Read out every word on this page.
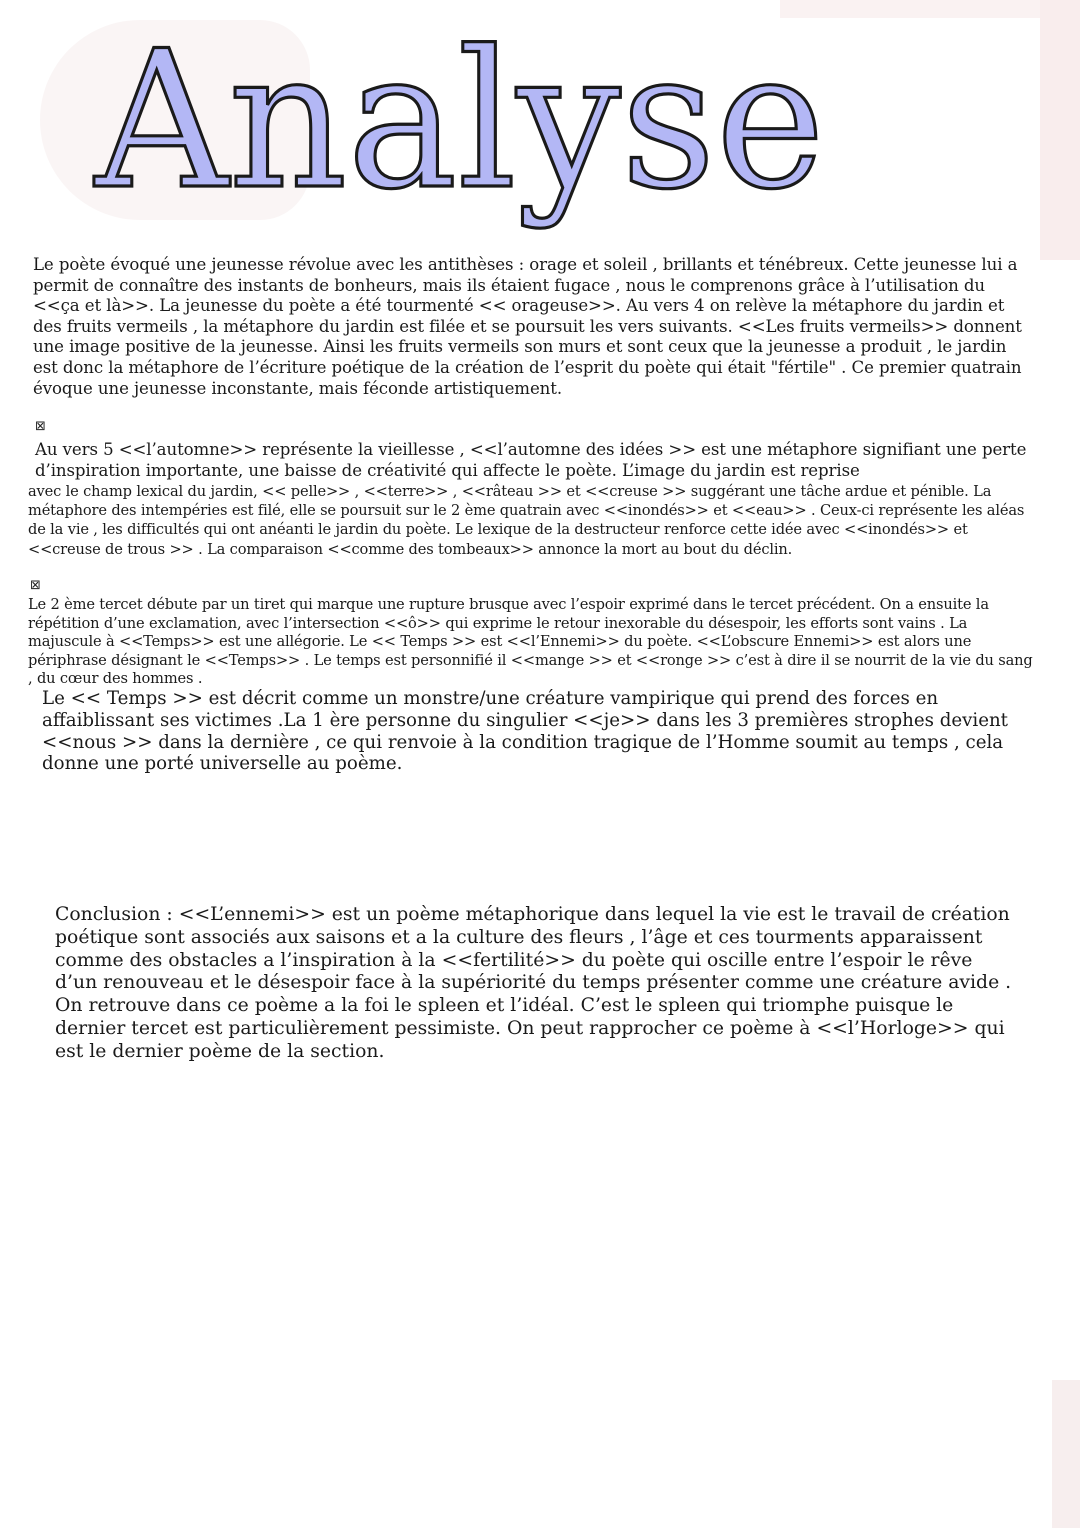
Analyse

Le poète évoqué une jeunesse révolue avec les antithèses : orage et soleil , brillants et ténébreux. Cette jeunesse lui a permit de connaître des instants de bonheurs, mais ils étaient fugace , nous le comprenons grâce à l’utilisation du <<ça et là>>. La jeunesse du poète a été tourmenté << orageuse>>. Au vers 4 on relève la métaphore du jardin et des fruits vermeils , la métaphore du jardin est filée et se poursuit les vers suivants. <<Les fruits vermeils>> donnent une image positive de la jeunesse. Ainsi les fruits vermeils son murs et sont ceux que la jeunesse a produit , le jardin est donc la métaphore de l’écriture poétique de la création de l’esprit du poète qui était "fértile" . Ce premier quatrain évoque une jeunesse inconstante, mais féconde artistiquement.

⊠

Au vers 5 <<l’automne>> représente la vieillesse , <<l’automne des idées >> est une métaphore signifiant une perte d’inspiration importante, une baisse de créativité qui affecte le poète. L’image du jardin est reprise

avec le champ lexical du jardin, << pelle>> , <<terre>> , <<râteau >> et <<creuse >> suggérant une tâche ardue et pénible. La métaphore des intempéries est filé, elle se poursuit sur le 2 ème quatrain avec <<inondés>> et <<eau>> . Ceux-ci représente les aléas de la vie , les difficultés qui ont anéanti le jardin du poète. Le lexique de la destructeur renforce cette idée avec <<inondés>> et <<creuse de trous >> . La comparaison <<comme des tombeaux>> annonce la mort au bout du déclin.

⊠

Le 2 ème tercet débute par un tiret qui marque une rupture brusque avec l’espoir exprimé dans le tercet précédent. On a ensuite la répétition d’une exclamation, avec l’intersection <<ô>> qui exprime le retour inexorable du désespoir, les efforts sont vains . La majuscule à <<Temps>> est une allégorie. Le << Temps >> est <<l’Ennemi>> du poète. <<L’obscure Ennemi>> est alors une périphrase désignant le <<Temps>> . Le temps est personnifié il <<mange >> et <<ronge >> c’est à dire il se nourrit de la vie du sang , du cœur des hommes .

Le << Temps >> est décrit comme un monstre/une créature vampirique qui prend des forces en affaiblissant ses victimes .La 1 ère personne du singulier <<je>> dans les 3 premières strophes devient <<nous >> dans la dernière , ce qui renvoie à la condition tragique de l’Homme soumit au temps , cela donne une porté universelle au poème.

Conclusion : <<L’ennemi>> est un poème métaphorique dans lequel la vie est le travail de création poétique sont associés aux saisons et a la culture des fleurs , l’âge et ces tourments apparaissent comme des obstacles a l’inspiration à la <<fertilité>> du poète qui oscille entre l’espoir le rêve d’un renouveau et le désespoir face à la supériorité du temps présenter comme une créature avide . On retrouve dans ce poème a la foi le spleen et l’idéal. C’est le spleen qui triomphe puisque le dernier tercet est particulièrement pessimiste. On peut rapprocher ce poème à <<l’Horloge>> qui est le dernier poème de la section.
